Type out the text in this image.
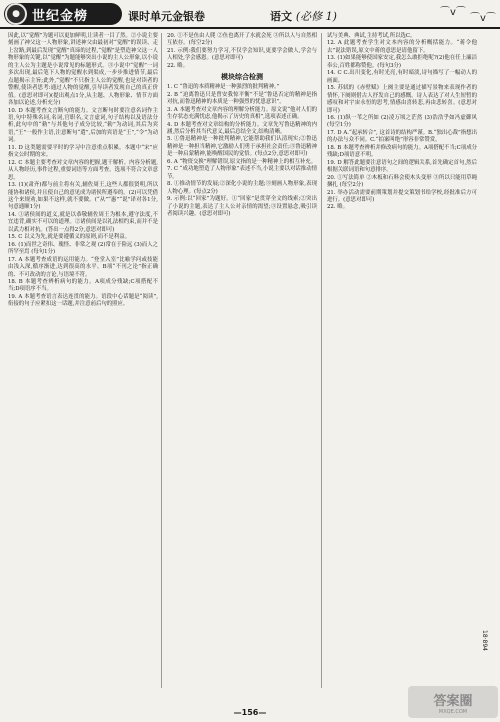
● 世纪金榜	课时单元金银卷	语文 (必修 1)	⌒v⌒
⌒v⌒

因此,以“觉醒”为题可以更加鲜明,让读者一目了然。②小说主要刻画了神父这一人物形象,讲述神父由最初对“觉醒”的误读、走上岔路,到最后发现“觉醒”真谛的过程,“觉醒”是塑造神父这一人物形象的关键,以“觉醒”为题能够突出小说的主人公形象,以小说的主人公为主题是小说常见的标题形式。③小说中“觉醒”一词多次出现,最后笔下人物的觉醒水到渠成,一步步推进情节,最后点题揭示主旨;此外,“觉醒”不只指主人公的觉醒,也是对读者的警醒,使读者思考:通过人物的觉醒,引导读者发现自己的真正价值。(意思对即可)(提出观点1分,从主题、人物形象、情节方面各加以论述,分析充分)

10. D 本题考查文言断句的能力。文言断句时要注意名词作主语,句中特殊名词,名词,官职名,文言虚词,句子结构以及语法分析,此句中的“勅”与其他句子成分比较,“勅”为动词,其后为宾语,“王”一般作主语,注意断句“遣”,后加的宾语是“王”,“令”为动词。

11. D 这类题需要平时的学习中注意重点积累。本题中“宋”应指文公时期的宋。

12. C 本题主要考查对文章内容的把握,题干解析。内容分析题,从人物经历,事件过程,重要词语等方面考查。选项不符合文章意思。

13. (1)(肃齐)都与前主将有关,辅佐周王,这些人都很贤明,所以能协和诸侯,并且使自己的意见成为诸侯所遵奉的。(2)可以凭借这个来规劝,如果不这样,就不要做。(“从”“惠”“说”译对各1分,句意通顺1分)

14. ①诸侯间的道义,就是以恭敬辅佐周王为根本,遵守法度,不宜违背,确实不可以的道理。②诸侯间是以礼法相约束,而并不是以武力相对抗。(答出一点得2分,意思对即可)

15. C 以义为先,就是要遵循义的原则,而不是利益。

16. (1)而世之奇伟、瑰怪、非常之观 (2)常在于险远 (3)而人之所罕至焉 (每句1分)

17. A 本题考查成语的运用能力。“登堂入室”比喻学问或技能由浅入深,循序渐进,达到很高的水平。B项“不刊之论”指正确的、不可改动的言论,与语境不符。

18. B 本题考查辨析病句的能力。A项成分残缺;C项搭配不当;D项语序不当。

19. A 本题考查语言表达连贯的能力。语段中心话题是“阅读”,衔接的句子应紧扣这一话题,并注意前后句的照应。

20. ①不是鱼由人爬 ②鱼也离开了水就会死 ③所以人与自然相互依存。(每空2分)

21. 示例:我们要努力学习,不仅学会知识,更要学会做人,学会与人相处,学会感恩。(意思对即可)

22. 略。

模块综合检测

1. C “鲁迅的本质精神是一种强烈的批判精神。”

2. B “迫离鲁迅只是曾安我惊平衡”不是“鲁迅否定的精神是指对抗,而鲁迅精神的本质是一种强烈的忧患意识”。

3. A 本题考查对文章内容的理解分析能力。原文说“他对人们的生存状态充满忧虑,他揭示了历史的真相”,选项表述正确。

4. D 本题考查对文章结构的分析能力。文章先写鲁迅精神的内涵,然后分析其当代意义,最后总结全文,结构清晰。

5. ①鲁迅精神是一种批判精神,它能帮助我们认清现实;②鲁迅精神是一种担当精神,它激励人们勇于承担社会责任;③鲁迅精神是一种启蒙精神,能唤醒国民的觉悟。(每点2分,意思对即可)

6. A “物资交换”理解错误,原文指的是一种精神上的相互补充。

7. C “成功地塑造了人物形象”表述不当,小说主要以对话推动情节。

8. ①推动情节的发展;②深化小说的主题;③刻画人物形象,表现人物心理。(每点2分)

9. 示例:以“回家”为题好。①“回家”是贯穿全文的线索;②突出了小说的主题,表达了主人公对亲情的渴望;③设置悬念,吸引读者阅读兴趣。(意思对即可)

试与美典、典试,主持考试,所以选C。

12. A 此题考查学生对文本内容的分析概括能力。“蒋令他去”说法错误,原文中蒋的意思是请他留下。

13. (1)如果能够使国家安定,我怎么敢拒绝呢?(2)他在任上廉洁奉公,百姓都称赞他。(每句3分)

14. C C.出川变化,有时光亮,有时暗淡,诗句描写了一幅动人的画面。

15. 苏轼的《赤壁赋》上阕主要是通过描写景物来表现作者的情怀,下阕则借古人抒发自己的感慨。诗人表达了对人生短暂的感叹和对宇宙永恒的思考,情感由喜转悲,再由悲转喜。(意思对即可)

16. (1)纵一苇之所如 (2)凌万顷之茫然 (3)浩浩乎如冯虚御风 (每空1分)

17. D A.“起承转合”, 这首诗的结构严谨。B.“独出心裁”指想出的办法与众不同。C.“拍案叫绝”形容非常赞赏。

18. B 本题考查辨析并修改病句的能力。A项搭配不当;C项成分残缺;D项语意不明。

19. D 解答此题要注意语句之间的逻辑关系,首先确定首句,然后根据关联词语和句意排序。

20. ①写法简单 ②木板和石料会使木头变形 ③所以只能用草绳捆扎 (每空2分)

21. 举办活动需要前期策划并提交策划书给学校,经批准后方可进行。(意思对即可)

22. 略。

—156—
18·894
答案圈
MXQE.COM
